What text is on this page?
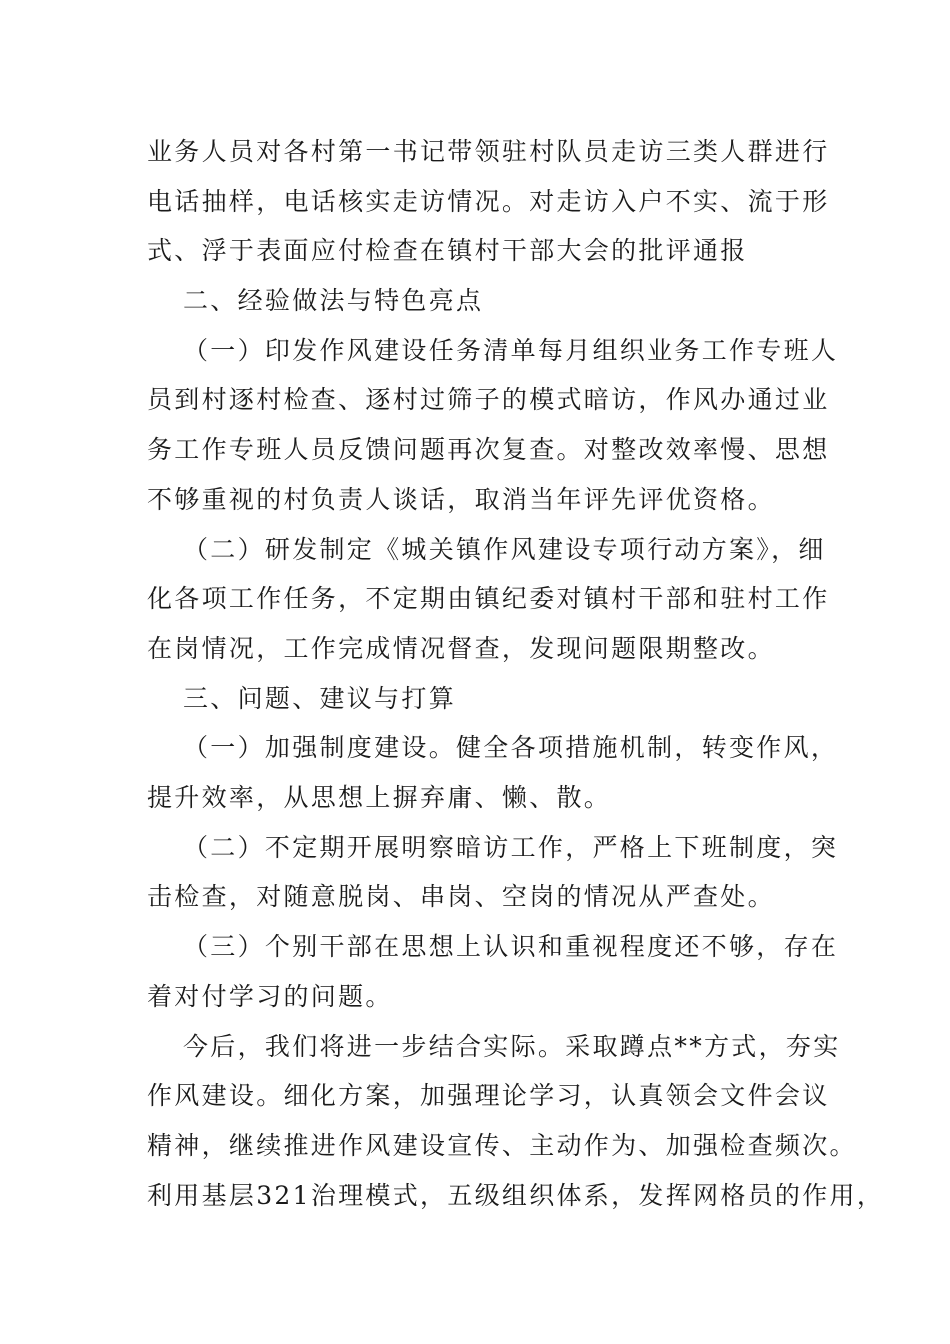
业务人员对各村第一书记带领驻村队员走访三类人群进行
电话抽样，电话核实走访情况。对走访入户不实、流于形
式、浮于表面应付检查在镇村干部大会的批评通报
二、经验做法与特色亮点
（一）印发作风建设任务清单每月组织业务工作专班人
员到村逐村检查、逐村过筛子的模式暗访，作风办通过业
务工作专班人员反馈问题再次复查。对整改效率慢、思想
不够重视的村负责人谈话，取消当年评先评优资格。
（二）研发制定《城关镇作风建设专项行动方案》，细
化各项工作任务，不定期由镇纪委对镇村干部和驻村工作
在岗情况，工作完成情况督查，发现问题限期整改。
三、问题、建议与打算
（一）加强制度建设。健全各项措施机制，转变作风，
提升效率，从思想上摒弃庸、懒、散。
（二）不定期开展明察暗访工作，严格上下班制度，突
击检查，对随意脱岗、串岗、空岗的情况从严查处。
（三）个别干部在思想上认识和重视程度还不够，存在
着对付学习的问题。
今后，我们将进一步结合实际。采取蹲点**方式，夯实
作风建设。细化方案，加强理论学习，认真领会文件会议
精神，继续推进作风建设宣传、主动作为、加强检查频次。
利用基层321治理模式，五级组织体系，发挥网格员的作用，
